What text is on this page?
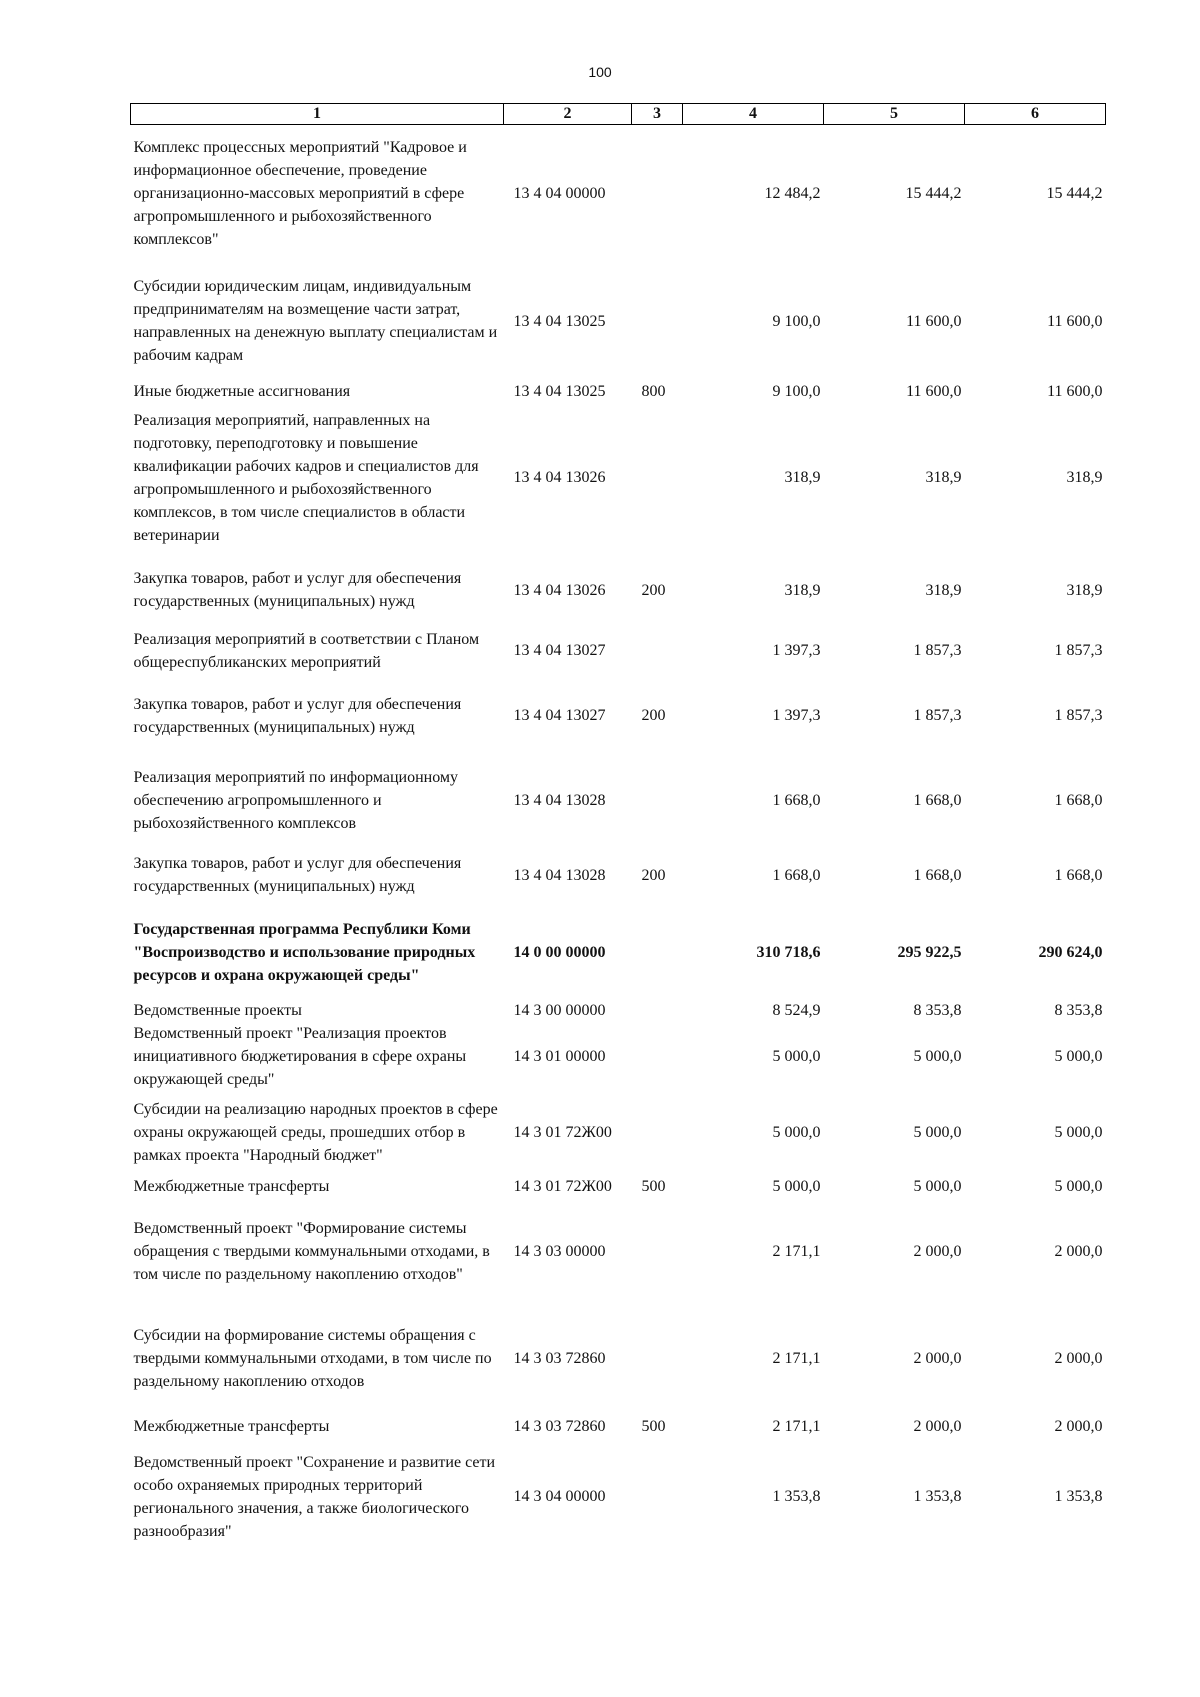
100
1	2	3	4	5	6
Комплекс процессных мероприятий "Кадровое и информационное обеспечение, проведение организационно-массовых мероприятий в сфере агропромышленного и рыбохозяйственного комплексов"	13 4 04 00000		12 484,2	15 444,2	15 444,2
Субсидии юридическим лицам, индивидуальным предпринимателям на возмещение части затрат, направленных на денежную выплату специалистам и рабочим кадрам	13 4 04 13025		9 100,0	11 600,0	11 600,0
Иные бюджетные ассигнования	13 4 04 13025	800	9 100,0	11 600,0	11 600,0
Реализация мероприятий, направленных на подготовку, переподготовку и повышение квалификации рабочих кадров и специалистов для агропромышленного и рыбохозяйственного комплексов, в том числе специалистов в области ветеринарии	13 4 04 13026		318,9	318,9	318,9
Закупка товаров, работ и услуг для обеспечения государственных (муниципальных) нужд	13 4 04 13026	200	318,9	318,9	318,9
Реализация мероприятий в соответствии с Планом общереспубликанских мероприятий	13 4 04 13027		1 397,3	1 857,3	1 857,3
Закупка товаров, работ и услуг для обеспечения государственных (муниципальных) нужд	13 4 04 13027	200	1 397,3	1 857,3	1 857,3
Реализация мероприятий по информационному обеспечению агропромышленного и рыбохозяйственного комплексов	13 4 04 13028		1 668,0	1 668,0	1 668,0
Закупка товаров, работ и услуг для обеспечения государственных (муниципальных) нужд	13 4 04 13028	200	1 668,0	1 668,0	1 668,0
Государственная программа Республики Коми "Воспроизводство и использование природных ресурсов и охрана окружающей среды"	14 0 00 00000		310 718,6	295 922,5	290 624,0
Ведомственные проекты	14 3 00 00000		8 524,9	8 353,8	8 353,8
Ведомственный проект "Реализация проектов инициативного бюджетирования в сфере охраны окружающей среды"	14 3 01 00000		5 000,0	5 000,0	5 000,0
Субсидии на реализацию народных проектов в сфере охраны окружающей среды, прошедших отбор в рамках проекта "Народный бюджет"	14 3 01 72Ж00		5 000,0	5 000,0	5 000,0
Межбюджетные трансферты	14 3 01 72Ж00	500	5 000,0	5 000,0	5 000,0
Ведомственный проект "Формирование системы обращения с твердыми коммунальными отходами, в том числе по раздельному накоплению отходов"	14 3 03 00000		2 171,1	2 000,0	2 000,0
Субсидии на формирование системы обращения с твердыми коммунальными отходами, в том числе по раздельному накоплению отходов	14 3 03 72860		2 171,1	2 000,0	2 000,0
Межбюджетные трансферты	14 3 03 72860	500	2 171,1	2 000,0	2 000,0
Ведомственный проект "Сохранение и развитие сети особо охраняемых природных территорий регионального значения, а также биологического разнообразия"	14 3 04 00000		1 353,8	1 353,8	1 353,8
